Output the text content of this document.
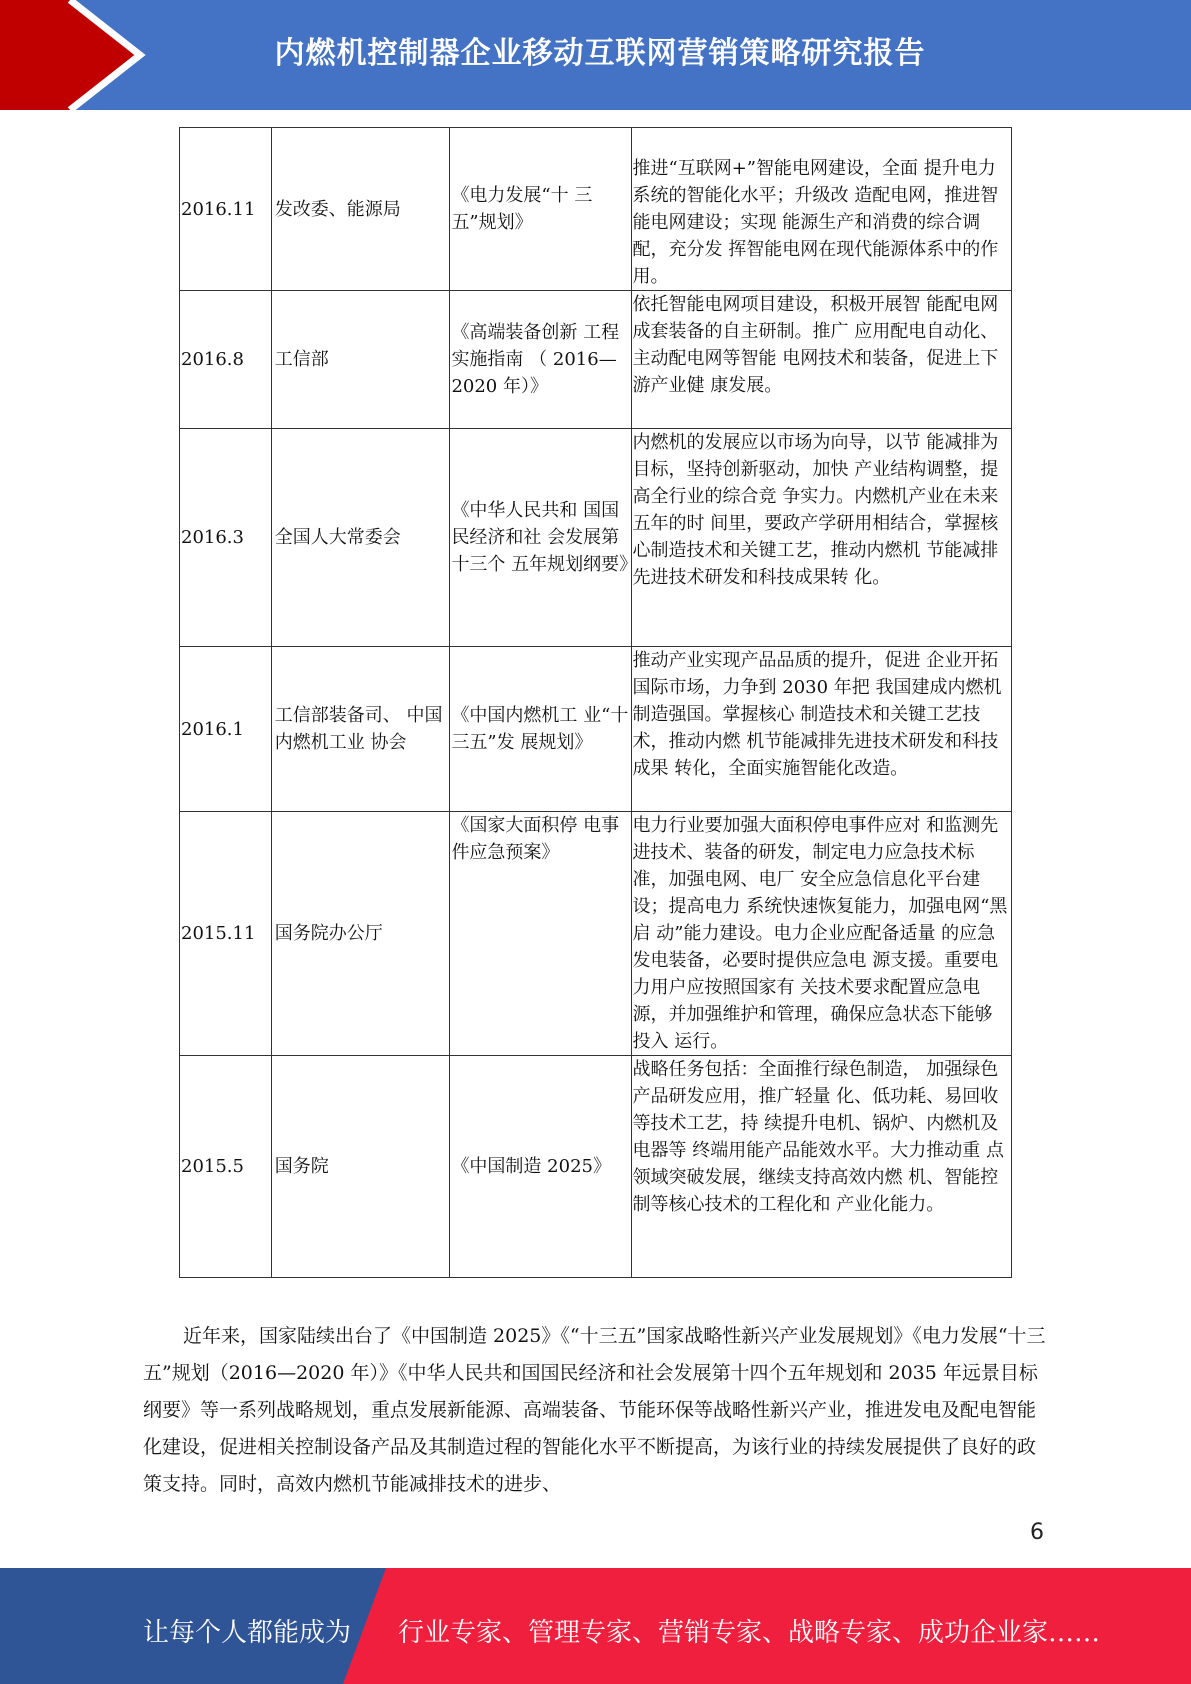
内燃机控制器企业移动互联网营销策略研究报告
2016.11	发改委、能源局	《电力发展“十 三五”规划》	推进“互联网+”智能电网建设，全面 提升电力系统的智能化水平；升级改 造配电网，推进智能电网建设；实现 能源生产和消费的综合调配，充分发 挥智能电网在现代能源体系中的作 用。
2016.8	工信部	《高端装备创新 工程实施指南 （ 2016—2020 年）》	依托智能电网项目建设，积极开展智 能配电网成套装备的自主研制。推广 应用配电自动化、主动配电网等智能 电网技术和装备，促进上下游产业健 康发展。
2016.3	全国人大常委会	《中华人民共和 国国民经济和社 会发展第十三个 五年规划纲要》	内燃机的发展应以市场为向导，以节 能减排为目标，坚持创新驱动，加快 产业结构调整，提高全行业的综合竞 争实力。内燃机产业在未来五年的时 间里，要政产学研用相结合，掌握核 心制造技术和关键工艺，推动内燃机 节能减排先进技术研发和科技成果转 化。
2016.1	工信部装备司、 中国内燃机工业 协会	《中国内燃机工 业“十三五”发 展规划》	推动产业实现产品品质的提升，促进 企业开拓国际市场，力争到 2030 年把 我国建成内燃机制造强国。掌握核心 制造技术和关键工艺技术，推动内燃 机节能减排先进技术研发和科技成果 转化，全面实施智能化改造。
2015.11	国务院办公厅	《国家大面积停 电事件应急预案》	电力行业要加强大面积停电事件应对 和监测先进技术、装备的研发，制定电力应急技术标准，加强电网、电厂 安全应急信息化平台建设；提高电力 系统快速恢复能力，加强电网“黑启 动”能力建设。电力企业应配备适量 的应急发电装备，必要时提供应急电 源支援。重要电力用户应按照国家有 关技术要求配置应急电源，并加强维护和管理，确保应急状态下能够投入 运行。
2015.5	国务院	《中国制造 2025》	战略任务包括：全面推行绿色制造， 加强绿色产品研发应用，推广轻量 化、低功耗、易回收等技术工艺，持 续提升电机、锅炉、内燃机及电器等 终端用能产品能效水平。大力推动重 点领域突破发展，继续支持高效内燃 机、智能控制等核心技术的工程化和 产业化能力。

近年来，国家陆续出台了《中国制造 2025》《“十三五”国家战略性新兴产业发展规划》《电力发展“十三五”规划（2016—2020 年）》《中华人民共和国国民经济和社会发展第十四个五年规划和 2035 年远景目标纲要》等一系列战略规划，重点发展新能源、高端装备、节能环保等战略性新兴产业，推进发电及配电智能化建设，促进相关控制设备产品及其制造过程的智能化水平不断提高，为该行业的持续发展提供了良好的政策支持。同时，高效内燃机节能减排技术的进步、

6
让每个人都能成为 行业专家、管理专家、营销专家、战略专家、成功企业家……
